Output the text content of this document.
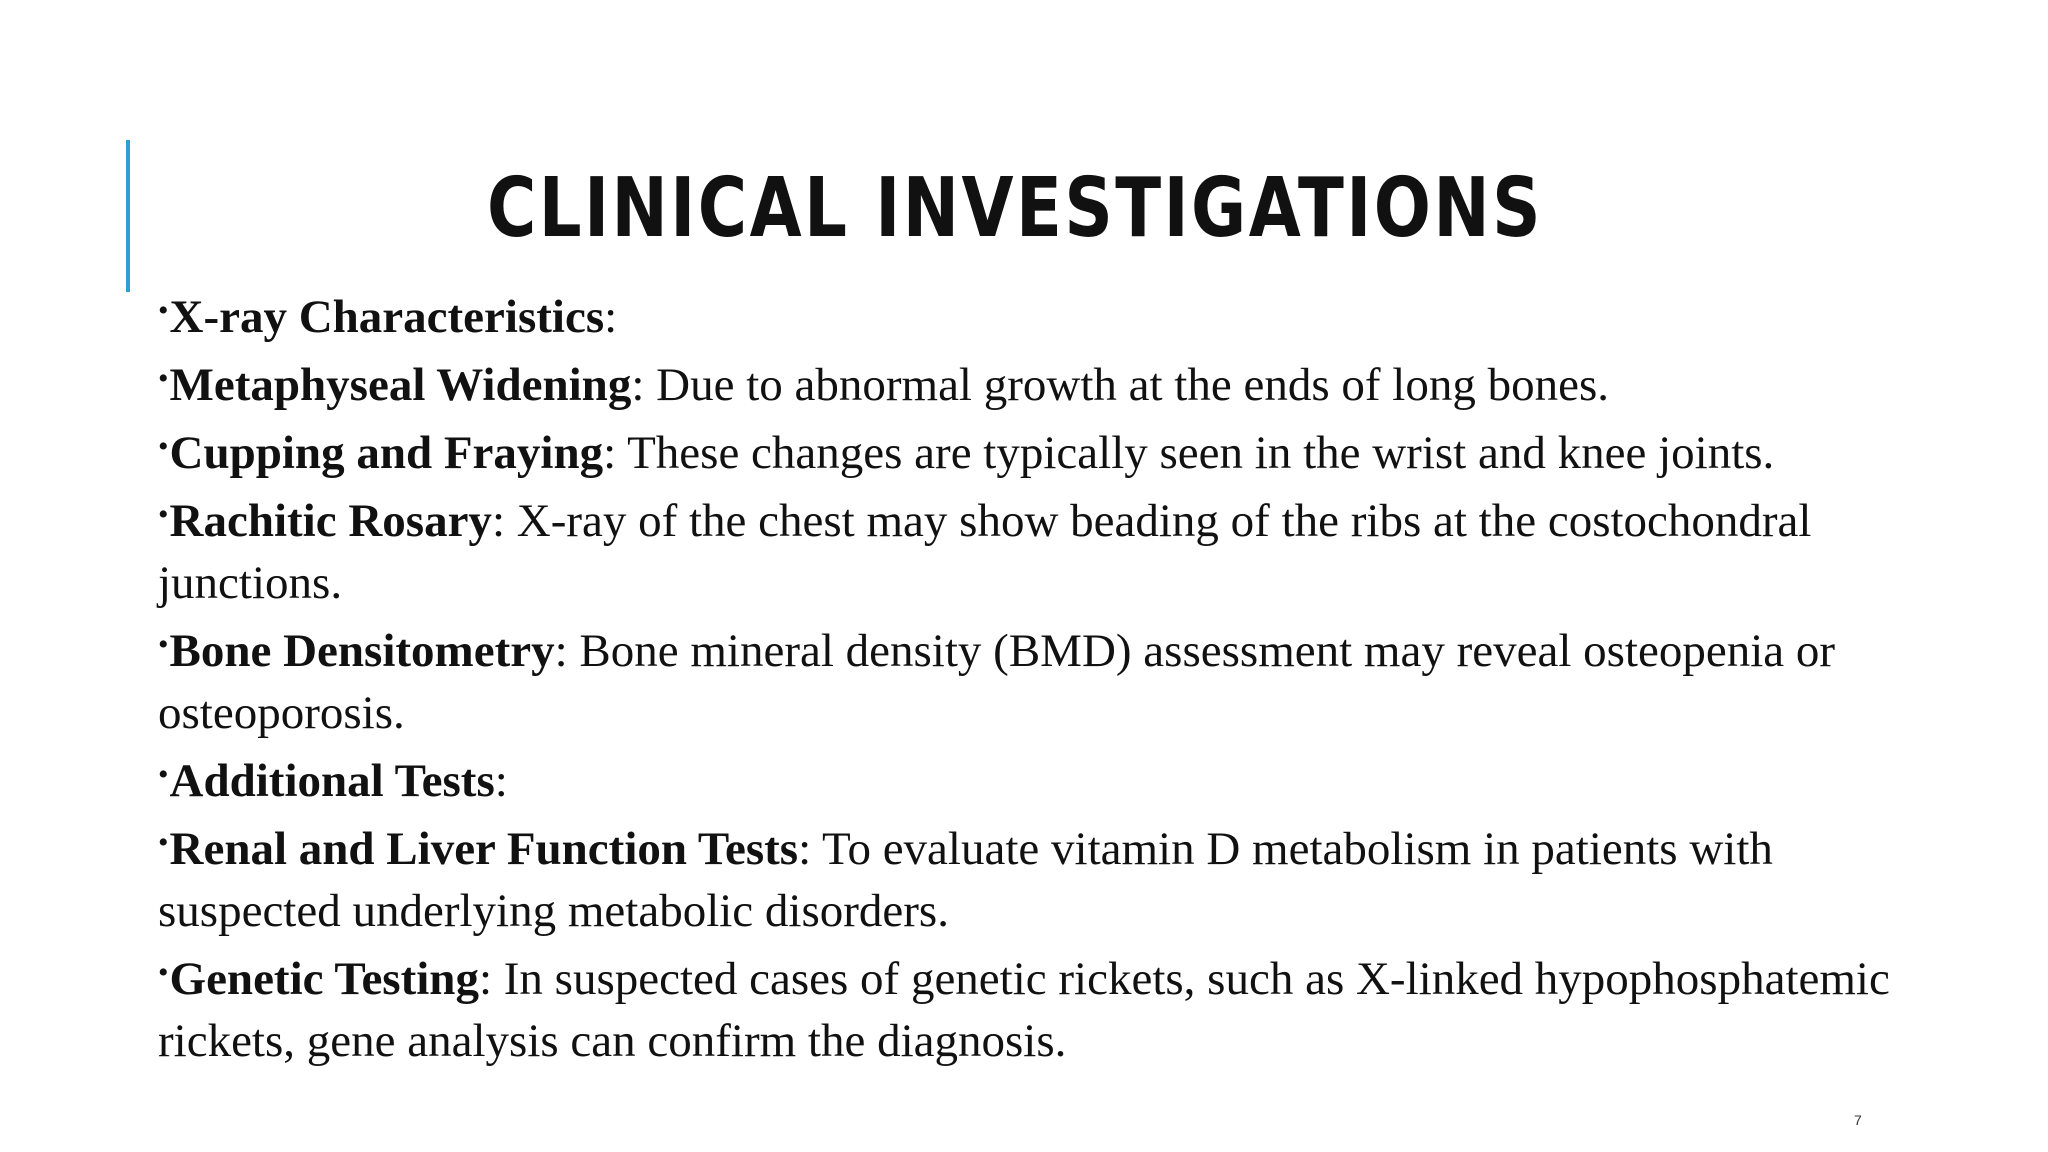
CLINICAL INVESTIGATIONS

•X-ray Characteristics:

•Metaphyseal Widening: Due to abnormal growth at the ends of long bones.

•Cupping and Fraying: These changes are typically seen in the wrist and knee joints.

•Rachitic Rosary: X-ray of the chest may show beading of the ribs at the costochondral junctions.

•Bone Densitometry: Bone mineral density (BMD) assessment may reveal osteopenia or osteoporosis.

•Additional Tests:

•Renal and Liver Function Tests: To evaluate vitamin D metabolism in patients with suspected underlying metabolic disorders.

•Genetic Testing: In suspected cases of genetic rickets, such as X-linked hypophosphatemic rickets, gene analysis can confirm the diagnosis.

7
